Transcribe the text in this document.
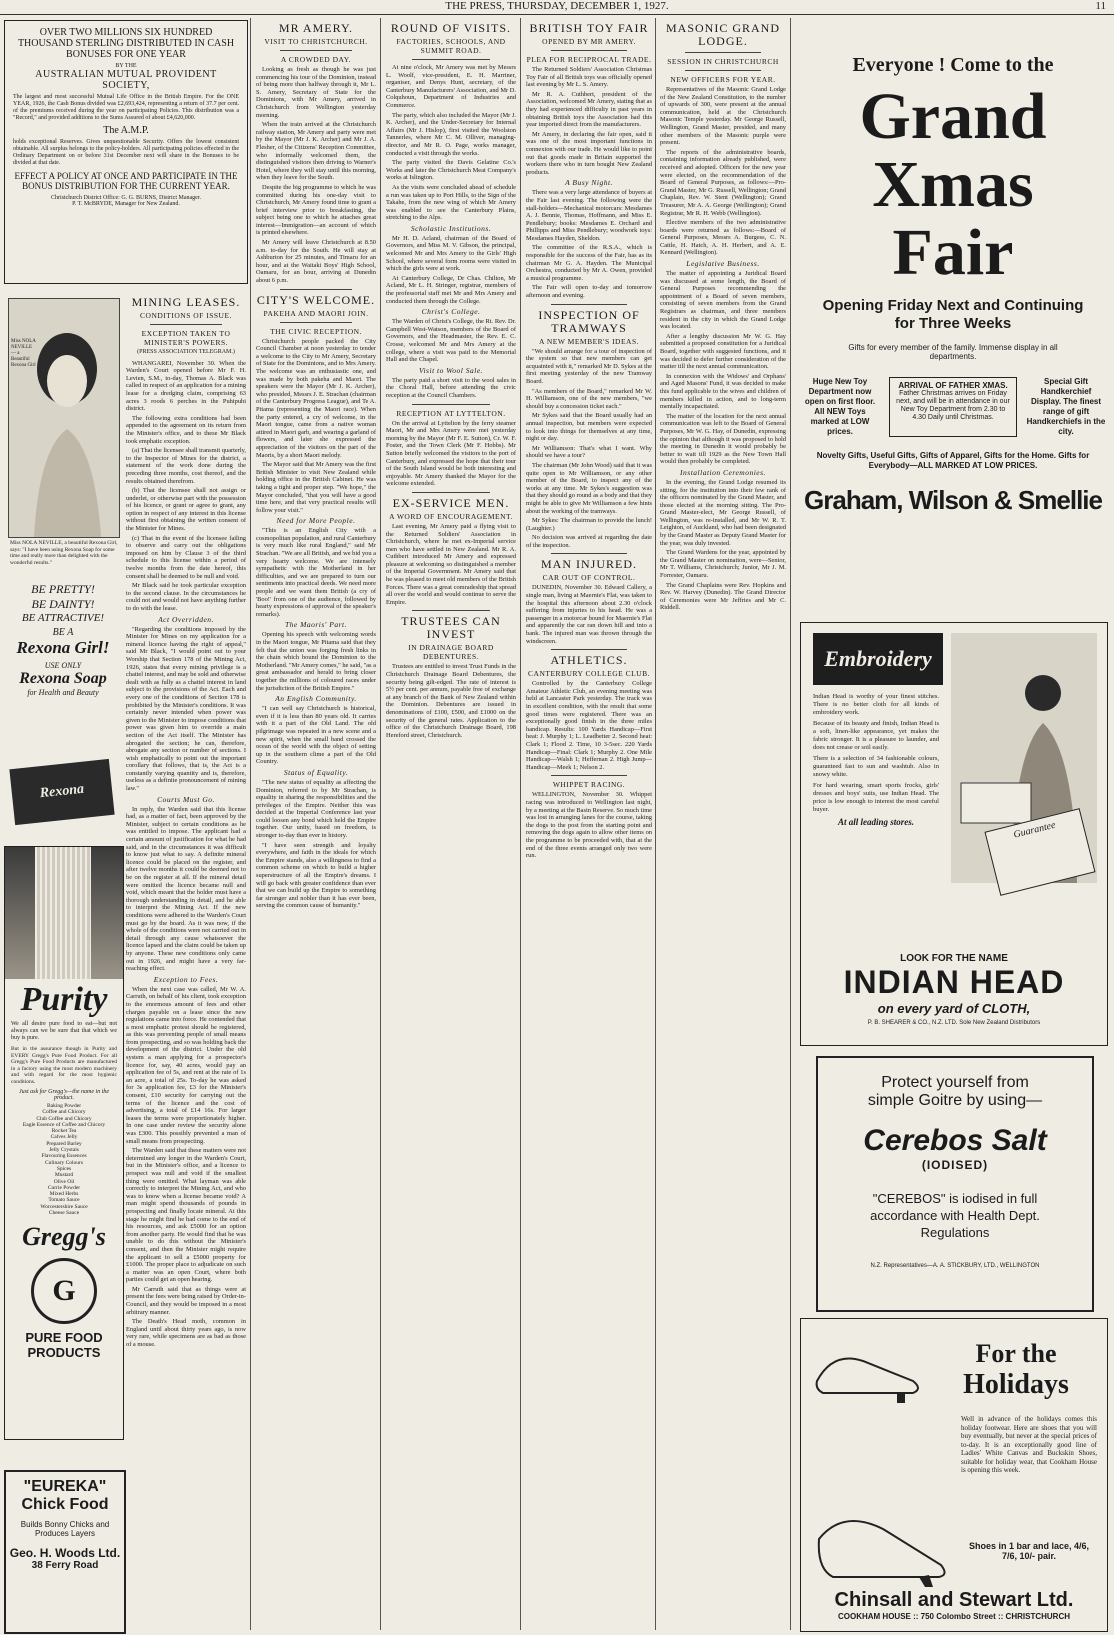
THE PRESS, THURSDAY, DECEMBER 1, 1927.	11
OVER TWO MILLIONS SIX HUNDRED THOUSAND STERLING DISTRIBUTED IN CASH BONUSES FOR ONE YEAR
BY THE
AUSTRALIAN MUTUAL PROVIDENT SOCIETY,
The largest and most successful Mutual Life Office in the British Empire. For the ONE YEAR, 1926, the Cash Bonus divided was £2,693,424, representing a return of 37.7 per cent. of the premiums received during the year on participating Policies. This distribution was a "Record," and provided additions to the Sums Assured of about £4,620,000.
The A.M.P.
holds exceptional Reserves. Gives unquestionable Security. Offers the lowest consistent obtainable. All surplus belongs to the policy-holders. All participating policies effected in the Ordinary Department on or before 31st December next will share in the Bonuses to be divided at that date.
EFFECT A POLICY AT ONCE AND PARTICIPATE IN THE BONUS DISTRIBUTION FOR THE CURRENT YEAR.
Christchurch District Office: G. G. BURNS, District Manager.
P. T. McBRYDE, Manager for New Zealand.
Miss NOLA NEVILLE — a Beautiful Rexona Girl
Miss NOLA NEVILLE, a beautiful Rexona Girl, says: "I have been using Rexona Soap for some time and really more than delighted with the wonderful results."
BE PRETTY!
BE DAINTY!
BE ATTRACTIVE!
BE A
Rexona Girl!
USE ONLY
Rexona Soap
for Health and Beauty
Rexona
Purity
We all desire pure food to eat—but not always can we be sure that that which we buy is pure.
But in the assurance though in Purity and EVERY Gregg's Pure Food Product. For all Gregg's Pure Food Products are manufactured in a factory using the most modern machinery and with regard for the most hygienic conditions.
Just ask for Gregg's—the name in the product.
Baking Powder
Coffee and Chicory
Club Coffee and Chicory
Eagle Essence of Coffee and Chicory
Rocket Tea
Calves Jelly
Prepared Barley
Jelly Crystals
Flavouring Essences
Culinary Colours
Spices
Mustard
Olive Oil
Currie Powder
Mixed Herbs
Tomato Sauce
Worcestershire Sauce
Cheese Sauce
Gregg's
G
PURE FOOD
PRODUCTS
"EUREKA"
Chick Food
Builds Bonny Chicks and Produces Layers
Geo. H. Woods Ltd.
38 Ferry Road
MINING LEASES.
CONDITIONS OF ISSUE.
EXCEPTION TAKEN TO MINISTER'S POWERS.
(PRESS ASSOCIATION TELEGRAM.)

WHANGAREI, November 30. When the Warden's Court opened before Mr F. H. Levien, S.M., to-day, Thomas A. Black was called in respect of an application for a mining lease for a dredging claim, comprising 63 acres 3 roods 6 perches in the Puhipuhi district.

The following extra conditions had been appended to the agreement on its return from the Minister's office, and to these Mr Black took emphatic exception.

(a) That the licensee shall transmit quarterly, to the Inspector of Mines for the district, a statement of the work done during the preceding three months, cost thereof, and the results obtained therefrom.

(b) That the licensee shall not assign or underlet, or otherwise part with the possession of his licence, or grant or agree to grant, any option in respect of any interest in this license without first obtaining the written consent of the Minister for Mines.

(c) That in the event of the licensee failing to observe and carry out the obligations imposed on him by Clause 3 of the third schedule to this license within a period of twelve months from the date hereof, this consent shall be deemed to be null and void.

Mr Black said he took particular exception to the second clause. In the circumstances he could not and would not have anything further to do with the lease.

Act Overridden.

"Regarding the conditions imposed by the Minister for Mines on my application for a mineral licence having the right of appeal," said Mr Black, "I would point out to your Worship that Section 178 of the Mining Act, 1926, states that every mining privilege is a chattel interest, and may be sold and otherwise dealt with as fully as a chattel interest in land subject to the provisions of the Act. Each and every one of the conditions of Section 178 is prohibited by the Minister's conditions. It was certainly never intended when power was given to the Minister to impose conditions that power was given him to override a main section of the Act itself. The Minister has abrogated the section; he can, therefore, abrogate any section or number of sections. I wish emphatically to point out the important corollary that follows, that is, the Act is a constantly varying quantity and is, therefore, useless as a definite pronouncement of mining law."

Courts Must Go.

In reply, the Warden said that this license had, as a matter of fact, been approved by the Minister, subject to certain conditions as he was entitled to impose. The applicant had a certain amount of justification for what he had said, and in the circumstances it was difficult to know just what to say. A definite mineral licence could be placed on the register, and after twelve months it could be deemed not to be on the register at all. If the mineral detail were omitted the licence became null and void, which meant that the holder must have a thorough understanding in detail, and he able to interpret the Mining Act. If the new conditions were adhered to the Warden's Court must go by the board. As it was now, if the whole of the conditions were not carried out in detail through any cause whatsoever the licence lapsed and the claim could be taken up by anyone. These new conditions only came out in 1926, and might have a very far-reaching effect.

Exception to Fees.

When the next case was called, Mr W. A. Carruth, on behalf of his client, took exception to the enormous amount of fees and other charges payable on a lease since the new regulations came into force. He contended that a most emphatic protest should be registered, as this was preventing people of small means from prospecting, and so was holding back the development of the district. Under the old system a man applying for a prospector's licence for, say, 40 acres, would pay an application fee of 5s, and rent at the rate of 1s an acre, a total of 25s. To-day he was asked for 3s application fee, £3 for the Minister's consent, £10 security for carrying out the terms of the licence and the cost of advertising, a total of £14 16s. For larger leases the terms were proportionately higher. In one case under review the security alone was £300. This possibly prevented a man of small means from prospecting.

The Warden said that these matters were not determined any longer in the Warden's Court, but in the Minister's office, and a licence to prospect was null and void if the smallest thing were omitted. What layman was able correctly to interpret the Mining Act, and who was to know when a license became void? A man might spend thousands of pounds in prospecting and finally locate mineral. At this stage he might find he had come to the end of his resources, and ask £5000 for an option from another party. He would find that he was unable to do this without the Minister's consent, and then the Minister might require the applicant to sell a £5000 property for £1000. The proper place to adjudicate on such a matter was an open Court, where both parties could get an open hearing.

Mr Carruth said that as things were at present the fees were being raised by Order-in-Council, and they would be imposed in a most arbitrary manner.

The Death's Head moth, common in England until about thirty years ago, is now very rare, while specimens are as bad as those of a mouse.

MR AMERY.
VISIT TO CHRISTCHURCH.
A CROWDED DAY.

Looking as fresh as though he was just commencing his tour of the Dominion, instead of being more than halfway through it, Mr L. S. Amery, Secretary of State for the Dominions, with Mr Amery, arrived in Christchurch from Wellington yesterday morning.

When the train arrived at the Christchurch railway station, Mr Amery and party were met by the Mayor (Mr J. K. Archer) and Mr J. A. Flesher, of the Citizens' Reception Committee, who informally welcomed them, the distinguished visitors then driving to Warner's Hotel, where they will stay until this morning, when they leave for the South.

Despite the big programme to which he was committed during his one-day visit to Christchurch, Mr Amery found time to grant a brief interview prior to breakfasting, the subject being one to which he attaches great interest—Immigration—an account of which is printed elsewhere.

Mr Amery will leave Christchurch at 8.50 a.m. to-day for the South. He will stay at Ashburton for 25 minutes, and Timaru for an hour, and at the Waitaki Boys' High School, Oamaru, for an hour, arriving at Dunedin about 6 p.m.

CITY'S WELCOME.
PAKEHA AND MAORI JOIN.
THE CIVIC RECEPTION.

Christchurch people packed the City Council Chamber at noon yesterday to tender a welcome to the City to Mr Amery, Secretary of State for the Dominions, and to Mrs Amery. The welcome was an enthusiastic one, and was made by both pakeha and Maori. The speakers were the Mayor (Mr J. K. Archer), who presided, Messrs J. E. Strachan (chairman of the Canterbury Progress League), and Te A. Pitama (representing the Maori race). When the party entered, a cry of welcome, in the Maori tongue, came from a native woman attired in Maori garb, and wearing a garland of flowers, and later she expressed the appreciation of the visitors on the part of the Maoris, by a short Maori melody.

The Mayor said that Mr Amery was the first British Minister to visit New Zealand while holding office in the British Cabinet. He was taking a tight and proper step. "We hope," the Mayor concluded, "that you will have a good time here, and that very practical results will follow your visit."

Need for More People.

"This is an English City with a cosmopolitan population, and rural Canterbury is very much like rural England," said Mr Strachan. "We are all British, and we bid you a very hearty welcome. We are intensely sympathetic with the Motherland in her difficulties, and we are prepared to turn our sentiments into practical deeds. We need more people and we want them British (a cry of 'Boo!' from one of the audience, followed by hearty expressions of approval of the speaker's remarks).

The Maoris' Part.

Opening his speech with welcoming words in the Maori tongue, Mr Pitama said that they felt that the union was forging fresh links in the chain which bound the Dominion to the Motherland. "Mr Amery comes," he said, "as a great ambassador and herald to bring closer together the millions of coloured races under the jurisdiction of the British Empire."

An English Community.

"I can well say Christchurch is historical, even if it is less than 80 years old. It carries with it a part of the Old Land. The old pilgrimage was repeated in a new scene and a new spirit, when the small band crossed the ocean of the world with the object of setting up in the southern clime a part of the Old Country.

Status of Equality.

"The new status of equality as affecting the Dominion, referred to by Mr Strachan, is equality in sharing the responsibilities and the privileges of the Empire. Neither this was decided at the Imperial Conference last year could loosen any bond which held the Empire together. Our unity, based on freedom, is stronger to-day than ever in history.

"I have seen strength and loyalty everywhere, and faith in the ideals for which the Empire stands, also a willingness to find a common scheme on which to build a higher superstructure of all the Empire's dreams. I will go back with greater confidence than ever that we can build up the Empire to something far stronger and nobler than it has ever been, serving the common cause of humanity."

ROUND OF VISITS.
FACTORIES, SCHOOLS, AND SUMMIT ROAD.

At nine o'clock, Mr Amery was met by Messrs L. Woolf, vice-president, E. H. Marriner, organiser, and Denys Hunt, secretary, of the Canterbury Manufacturers' Association, and Mr D. Colquhoun, Department of Industries and Commerce.

The party, which also included the Mayor (Mr J. K. Archer), and the Under-Secretary for Internal Affairs (Mr J. Hislop), first visited the Woolston Tannerles, where Mr C. M. Olliver, managing-director, and Mr R. O. Page, works manager, conducted a visit through the works.

The party visited the Davis Gelatine Co.'s Works and later the Christchurch Meat Company's works at Islington.

As the visits were concluded ahead of schedule a run was taken up to Port Hills, to the Sign of the Takahe, from the new wing of which Mr Amery was enabled to see the Canterbury Plains, stretching to the Alps.

Scholastic Institutions.

Mr H. D. Acland, chairman of the Board of Governors, and Miss M. V. Gibson, the principal, welcomed Mr and Mrs Amery to the Girls' High School, where several form rooms were visited in which the girls were at work.

At Canterbury College, Dr Chas. Chilton, Mr Acland, Mr L. H. Stringer, registrar, members of the professorial staff met Mr and Mrs Amery and conducted them through the College.

Christ's College.

The Warden of Christ's College, the Rt. Rev. Dr. Campbell West-Watson, members of the Board of Governors, and the Headmaster, the Rev. E. C. Crosse, welcomed Mr and Mrs Amery at the college, where a visit was paid to the Memorial Hall and the Chapel.

Visit to Wool Sale.

The party paid a short visit to the wool sales in the Choral Hall, before attending the civic reception at the Council Chambers.

RECEPTION AT LYTTELTON.

On the arrival at Lyttelton by the ferry steamer Maori, Mr and Mrs Amery were met yesterday morning by the Mayor (Mr F. E. Sutton), Cr. W. F. Foster, and the Town Clerk (Mr F. Hobbs). Mr Sutton briefly welcomed the visitors to the port of Canterbury, and expressed the hope that their tour of the South Island would be both interesting and enjoyable. Mr Amery thanked the Mayor for the welcome extended.

EX-SERVICE MEN.
A WORD OF ENCOURAGEMENT.

Last evening, Mr Amery paid a flying visit to the Returned Soldiers' Association in Christchurch, where he met ex-Imperial service men who have settled in New Zealand. Mr R. A. Cuthbert introduced Mr Amery and expressed pleasure at welcoming so distinguished a member of the Imperial Government. Mr Amery said that he was pleased to meet old members of the British Forces. There was a great comradeship that spread all over the world and would continue to serve the Empire.

TRUSTEES CAN INVEST
IN DRAINAGE BOARD DEBENTURES.

Trustees are entitled to invest Trust Funds in the Christchurch Drainage Board Debentures, the security being gilt-edged. The rate of interest is 5½ per cent. per annum, payable free of exchange at any branch of the Bank of New Zealand within the Dominion. Debentures are issued in denominations of £100, £500, and £1000 on the security of the general rates. Application to the office of the Christchurch Drainage Board, 198 Hereford street, Christchurch.

BRITISH TOY FAIR
OPENED BY MR AMERY.
PLEA FOR RECIPROCAL TRADE.

The Returned Soldiers' Association Christmas Toy Fair of all British toys was officially opened last evening by Mr L. S. Amery.

Mr R. A. Cuthbert, president of the Association, welcomed Mr Amery, stating that as they had experienced difficulty in past years in obtaining British toys the Association had this year imported direct from the manufacturers.

Mr Amery, in declaring the fair open, said it was one of the most important functions in connexion with our trade. He would like to point out that goods made in Britain supported the workers there who in turn bought New Zealand products.

A Busy Night.

There was a very large attendance of buyers at the Fair last evening. The following were the stall-holders—Mechanical motorcars: Mesdames A. J. Bennie, Thomas, Hoffmann, and Miss E. Pendlebury; books: Mesdames E. Orchard and Phillipps and Miss Pendlebury; woodwork toys: Mesdames Hayden, Sheldon.

The committee of the R.S.A., which is responsible for the success of the Fair, has as its chairman Mr G. A. Hayden. The Municipal Orchestra, conducted by Mr A. Owen, provided a musical programme.

The Fair will open to-day and tomorrow afternoon and evening.

INSPECTION OF TRAMWAYS
A NEW MEMBER'S IDEAS.

"We should arrange for a tour of inspection of the system so that new members can get acquainted with it," remarked Mr D. Sykes at the first meeting yesterday of the new Tramway Board.

"As members of the Board," remarked Mr W. H. Williamson, one of the new members, "we should buy a concession ticket each."

Mr Sykes said that the Board usually had an annual inspection, but members were expected to look into things for themselves at any time, night or day.

Mr Williamson: That's what I want. Why should we have a tour?

The chairman (Mr John Wood) said that it was quite open to Mr Williamson, or any other member of the Board, to inspect any of the works at any time. Mr Sykes's suggestion was that they should go round as a body and that they might be able to give Mr Williamson a few hints about the working of the tramways.

Mr Sykes: The chairman to provide the lunch! (Laughter.)

No decision was arrived at regarding the date of the inspection.

MAN INJURED.
CAR OUT OF CONTROL.

DUNEDIN, November 30. Edward Callery, a single man, living at Maernie's Flat, was taken to the hospital this afternoon about 2.30 o'clock suffering from injuries to his head. He was a passenger in a motorcar bound for Maernie's Flat and apparently the car ran down hill and into a bank. The injured man was thrown through the windscreen.

ATHLETICS.
CANTERBURY COLLEGE CLUB.

Controlled by the Canterbury College Amateur Athletic Club, an evening meeting was held at Lancaster Park yesterday. The track was in excellent condition, with the result that some good times were registered. There was an exceptionally good finish in the three miles handicap. Results: 100 Yards Handicap—First heat: J. Murphy 1; L. Leadbetter 2. Second heat: Clark 1; Flood 2. Time, 10 3-5sec. 220 Yards Handicap—Final: Clark 1; Murphy 2. One Mile Handicap—Walsh 1; Heffernan 2. High Jump—Handicap—Meek 1; Nelson 2.

WHIPPET RACING.

WELLINGTON, November 30. Whippet racing was introduced to Wellington last night, by a meeting at the Basin Reserve. So much time was lost in arranging lanes for the course, taking the dogs to the post from the starting point and removing the dogs again to allow other items on the programme to be proceeded with, that at the end of the three events arranged only two were run.

MASONIC GRAND LODGE.
SESSION IN CHRISTCHURCH
NEW OFFICERS FOR YEAR.

Representatives of the Masonic Grand Lodge of the New Zealand Constitution, to the number of upwards of 300, were present at the annual communication, held at the Christchurch Masonic Temple yesterday. Mr George Russell, Wellington, Grand Master, presided, and many other members of the Masonic purple were present.

The reports of the administrative boards, containing information already published, were received and adopted. Officers for the new year were elected, on the recommendation of the Board of General Purposes, as follows:—Pro-Grand Master, Mr G. Russell, Wellington; Grand Chaplain, Rev. W. Stent (Wellington); Grand Treasurer, Mr A. A. George (Wellington); Grand Registrar, Mr R. H. Webb (Wellington).

Elective members of the two administrative boards were returned as follows:—Board of General Purposes, Messrs A. Burgess, C. N. Cattle, H. Hatch, A. H. Herbert, and A. E. Kennard (Wellington).

Legislative Business.

The matter of appointing a Juridical Board was discussed at some length, the Board of General Purposes recommending the appointment of a Board of seven members, consisting of seven members from the Grand Registrars as chairman, and three members resident in the city in which the Grand Lodge was located.

After a lengthy discussion Mr W. G. Hay submitted a proposed constitution for a Juridical Board, together with suggested functions, and it was decided to defer further consideration of the matter till the next annual communication.

In connexion with the Widows' and Orphans' and Aged Masons' Fund, it was decided to make this fund applicable to the wives and children of members killed in action, and to long-term mentally incapacitated.

The matter of the location for the next annual communication was left to the Board of General Purposes, Mr W. G. Hay, of Dunedin, expressing the opinion that although it was proposed to hold the meeting in Dunedin it would probably be better to wait till 1929 as the New Town Hall would then probably be completed.

Installation Ceremonies.

In the evening, the Grand Lodge resumed its sitting, for the institution into their few rank of the officers nominated by the Grand Master, and those elected at the morning sitting. The Pro-Grand Master-elect, Mr George Russell, of Wellington, was re-installed, and Mr W. R. T. Leighton, of Auckland, who had been designated by the Grand Master as Deputy Grand Master for the year, was duly invested.

The Grand Wardens for the year, appointed by the Grand Master on nomination, were—Senior, Mr T. Williams, Christchurch; Junior, Mr J. M. Forrester, Oamaru.

The Grand Chaplains were Rev. Hopkins and Rev. W. Harvey (Dunedin). The Grand Director of Ceremonies were Mr Jeffries and Mr C. Riddell.

Everyone ! Come to the
Grand
Xmas
Fair
Opening Friday Next and Continuing for Three Weeks
Gifts for every member of the family. Immense display in all departments.
Huge New Toy Department now open on first floor. All NEW Toys marked at LOW prices.
ARRIVAL OF FATHER XMAS.
Father Christmas arrives on Friday next, and will be in attendance in our New Toy Department from 2.30 to 4.30 Daily until Christmas.
Special Gift Handkerchief Display. The finest range of gift Handkerchiefs in the city.
Novelty Gifts, Useful Gifts, Gifts of Apparel, Gifts for the Home. Gifts for Everybody—ALL MARKED AT LOW PRICES.
Graham, Wilson & Smellie
Embroidery

Indian Head is worthy of your finest stitches. There is no better cloth for all kinds of embroidery work.

Because of its beauty and finish, Indian Head is a soft, linen-like appearance, yet makes the fabric stronger. It is a pleasure to launder, and does not crease or soil easily.

There is a selection of 34 fashionable colours, guaranteed fast to sun and washtub. Also in snowy white.

For hard wearing, smart sports frocks, girls' dresses and boys' suits, use Indian Head. The price is low enough to interest the most careful buyer.

At all leading stores.	Guarantee
LOOK FOR THE NAME
INDIAN HEAD
on every yard of CLOTH,
P. B. SHEARER & CO., N.Z. LTD. Sole New Zealand Distributors
Protect yourself from
simple Goitre by using—
Cerebos Salt
(IODISED)
"CEREBOS" is iodised in full accordance with Health Dept. Regulations
N.Z. Representatives—A. A. STICKBURY, LTD., WELLINGTON
For the
Holidays
Well in advance of the holidays comes this holiday footwear. Here are shoes that you will buy eventually, but never at the special prices of to-day. It is an exceptionally good line of Ladies' White Canvas and Buckskin Shoes, suitable for holiday wear, that Cookham House is opening this week.
Shoes in 1 bar and lace, 4/6, 7/6, 10/- pair.
Chinsall and Stewart Ltd.
COOKHAM HOUSE :: 750 Colombo Street :: CHRISTCHURCH
